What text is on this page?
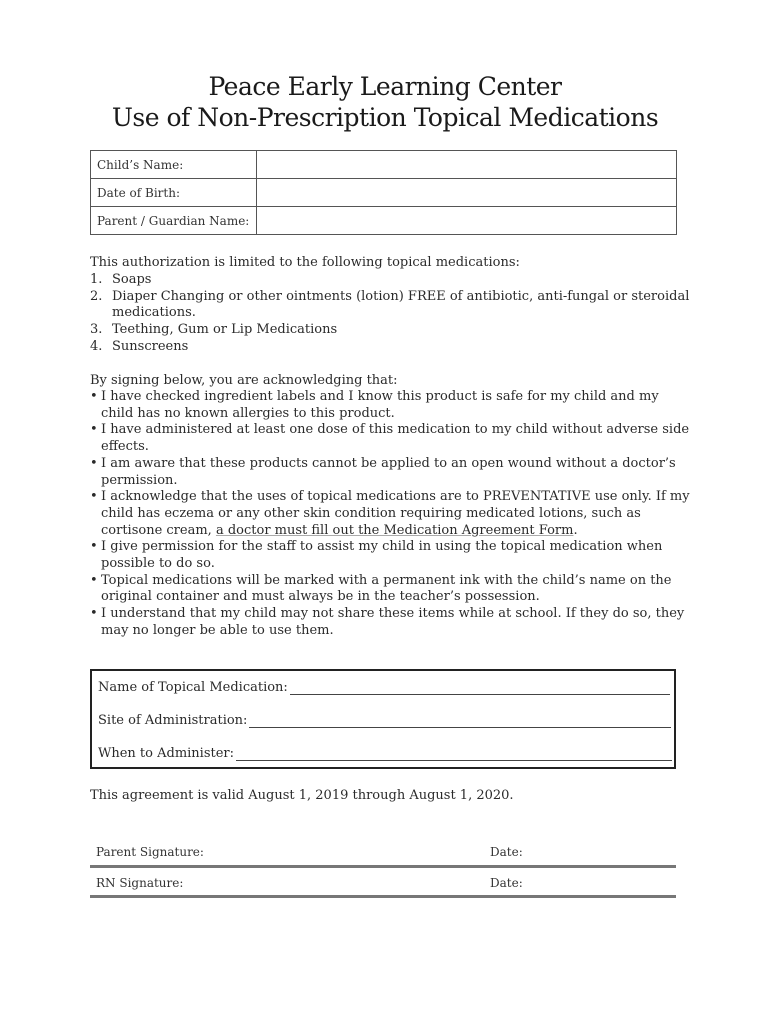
Peace Early Learning Center
Use of Non-Prescription Topical Medications
Child’s Name:	
Date of Birth:	
Parent / Guardian Name:	
This authorization is limited to the following topical medications:
1. Soaps
2. Diaper Changing or other ointments (lotion) FREE of antibiotic, anti-fungal or steroidal medications.
3. Teething, Gum or Lip Medications
4. Sunscreens
By signing below, you are acknowledging that:
• I have checked ingredient labels and I know this product is safe for my child and my child has no known allergies to this product.
• I have administered at least one dose of this medication to my child without adverse side effects.
• I am aware that these products cannot be applied to an open wound without a doctor’s permission.
• I acknowledge that the uses of topical medications are to PREVENTATIVE use only. If my child has eczema or any other skin condition requiring medicated lotions, such as cortisone cream, a doctor must fill out the Medication Agreement Form.
• I give permission for the staff to assist my child in using the topical medication when possible to do so.
• Topical medications will be marked with a permanent ink with the child’s name on the original container and must always be in the teacher’s possession.
• I understand that my child may not share these items while at school. If they do so, they may no longer be able to use them.
Name of Topical Medication:
Site of Administration:
When to Administer:
This agreement is valid August 1, 2019 through August 1, 2020.
Parent Signature:	Date:
RN Signature:	Date:
